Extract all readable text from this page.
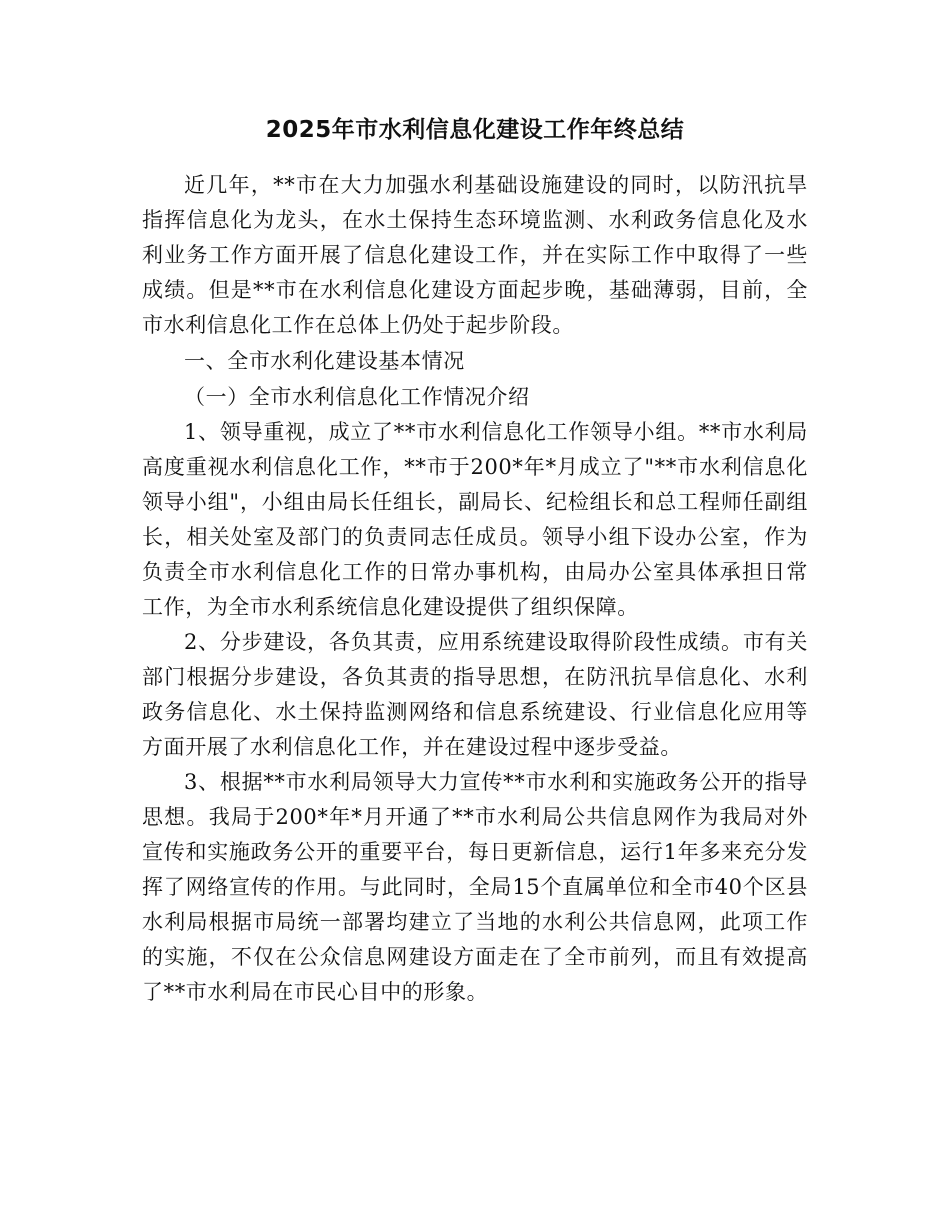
2025年市水利信息化建设工作年终总结

近几年，**市在大力加强水利基础设施建设的同时，以防汛抗旱指挥信息化为龙头，在水土保持生态环境监测、水利政务信息化及水利业务工作方面开展了信息化建设工作，并在实际工作中取得了一些成绩。但是**市在水利信息化建设方面起步晚，基础薄弱，目前，全市水利信息化工作在总体上仍处于起步阶段。

一、全市水利化建设基本情况

（一）全市水利信息化工作情况介绍

1、领导重视，成立了**市水利信息化工作领导小组。**市水利局高度重视水利信息化工作，**市于200*年*月成立了"**市水利信息化领导小组"，小组由局长任组长，副局长、纪检组长和总工程师任副组长，相关处室及部门的负责同志任成员。领导小组下设办公室，作为负责全市水利信息化工作的日常办事机构，由局办公室具体承担日常工作，为全市水利系统信息化建设提供了组织保障。

2、分步建设，各负其责，应用系统建设取得阶段性成绩。市有关部门根据分步建设，各负其责的指导思想，在防汛抗旱信息化、水利政务信息化、水土保持监测网络和信息系统建设、行业信息化应用等方面开展了水利信息化工作，并在建设过程中逐步受益。

3、根据**市水利局领导大力宣传**市水利和实施政务公开的指导思想。我局于200*年*月开通了**市水利局公共信息网作为我局对外宣传和实施政务公开的重要平台，每日更新信息，运行1年多来充分发挥了网络宣传的作用。与此同时，全局15个直属单位和全市40个区县水利局根据市局统一部署均建立了当地的水利公共信息网，此项工作的实施，不仅在公众信息网建设方面走在了全市前列，而且有效提高了**市水利局在市民心目中的形象。
